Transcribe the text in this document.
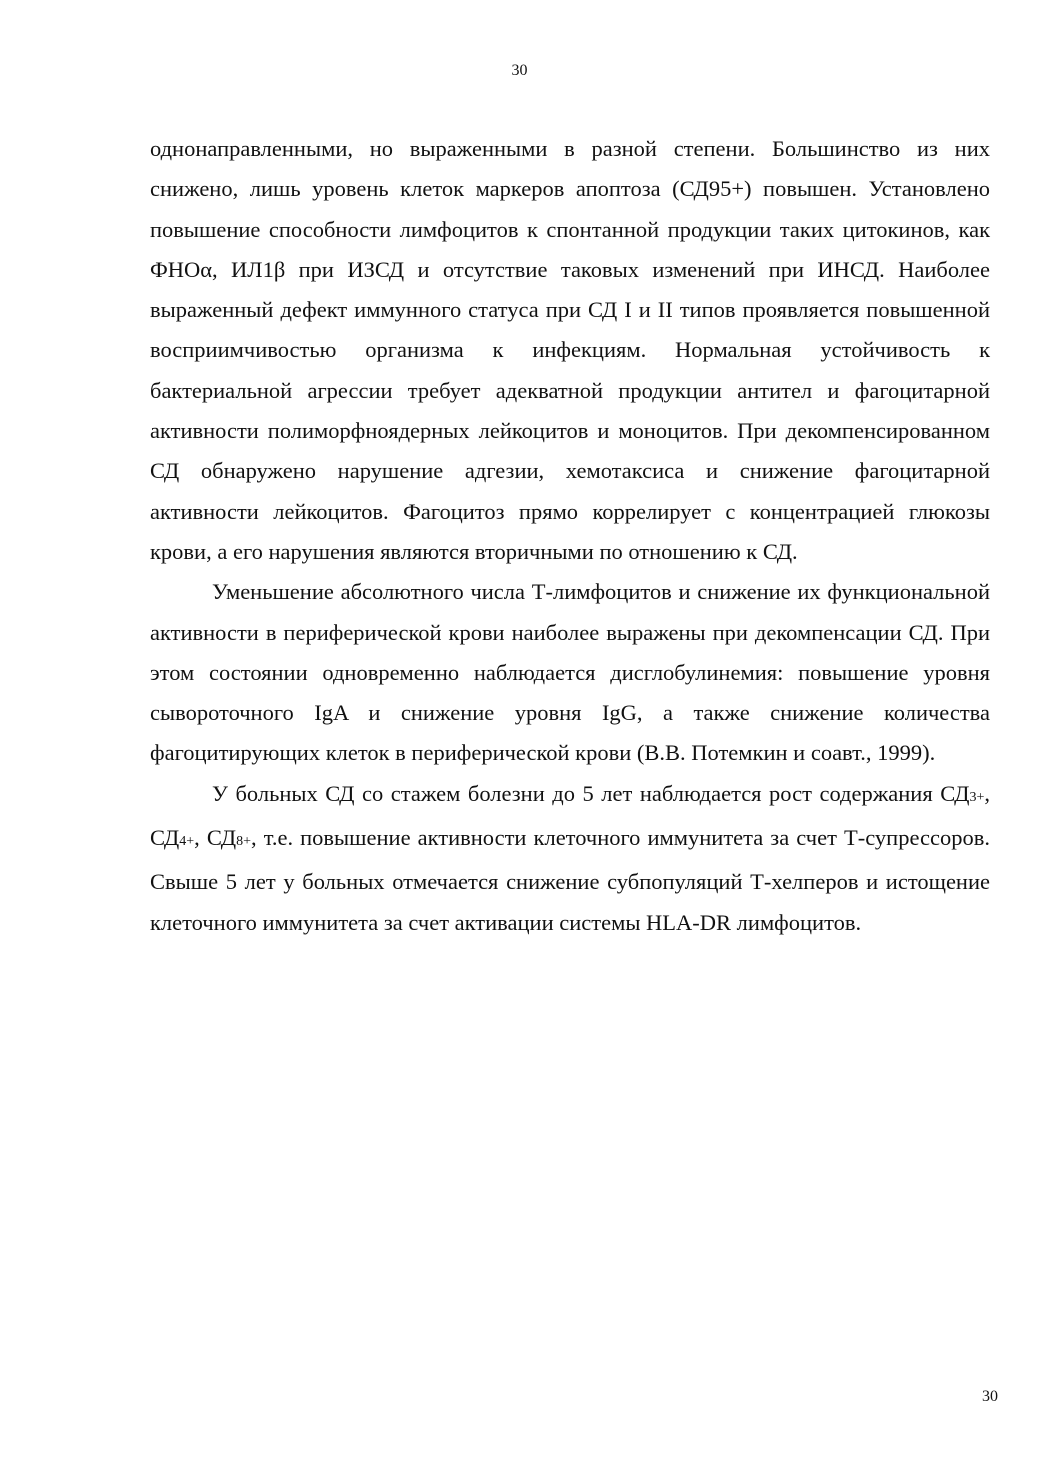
30

однонаправленными, но выраженными в разной степени. Большинство из них снижено, лишь уровень клеток маркеров апоптоза (СД95+) повышен. Установлено повышение способности лимфоцитов к спонтанной продукции таких цитокинов, как ФНОα, ИЛ1β при ИЗСД и отсутствие таковых изменений при ИНСД. Наиболее выраженный дефект иммунного статуса при СД I и II типов проявляется повышенной восприимчивостью организма к инфекциям. Нормальная устойчивость к бактериальной агрессии требует адекватной продукции антител и фагоцитарной активности полиморфноядерных лейкоцитов и моноцитов. При декомпенсированном СД обнаружено нарушение адгезии, хемотаксиса и снижение фагоцитарной активности лейкоцитов. Фагоцитоз прямо коррелирует с концентрацией глюкозы крови, а его нарушения являются вторичными по отношению к СД.

Уменьшение абсолютного числа Т-лимфоцитов и снижение их функциональной активности в периферической крови наиболее выражены при декомпенсации СД. При этом состоянии одновременно наблюдается дисглобулинемия: повышение уровня сывороточного IgA и снижение уровня IgG, а также снижение количества фагоцитирующих клеток в периферической крови (В.В. Потемкин и соавт., 1999).

У больных СД со стажем болезни до 5 лет наблюдается рост содержания СД3+, СД4+, СД8+, т.е. повышение активности клеточного иммунитета за счет Т-супрессоров. Свыше 5 лет у больных отмечается снижение субпопуляций Т-хелперов и истощение клеточного иммунитета за счет активации системы HLA-DR лимфоцитов.

30
